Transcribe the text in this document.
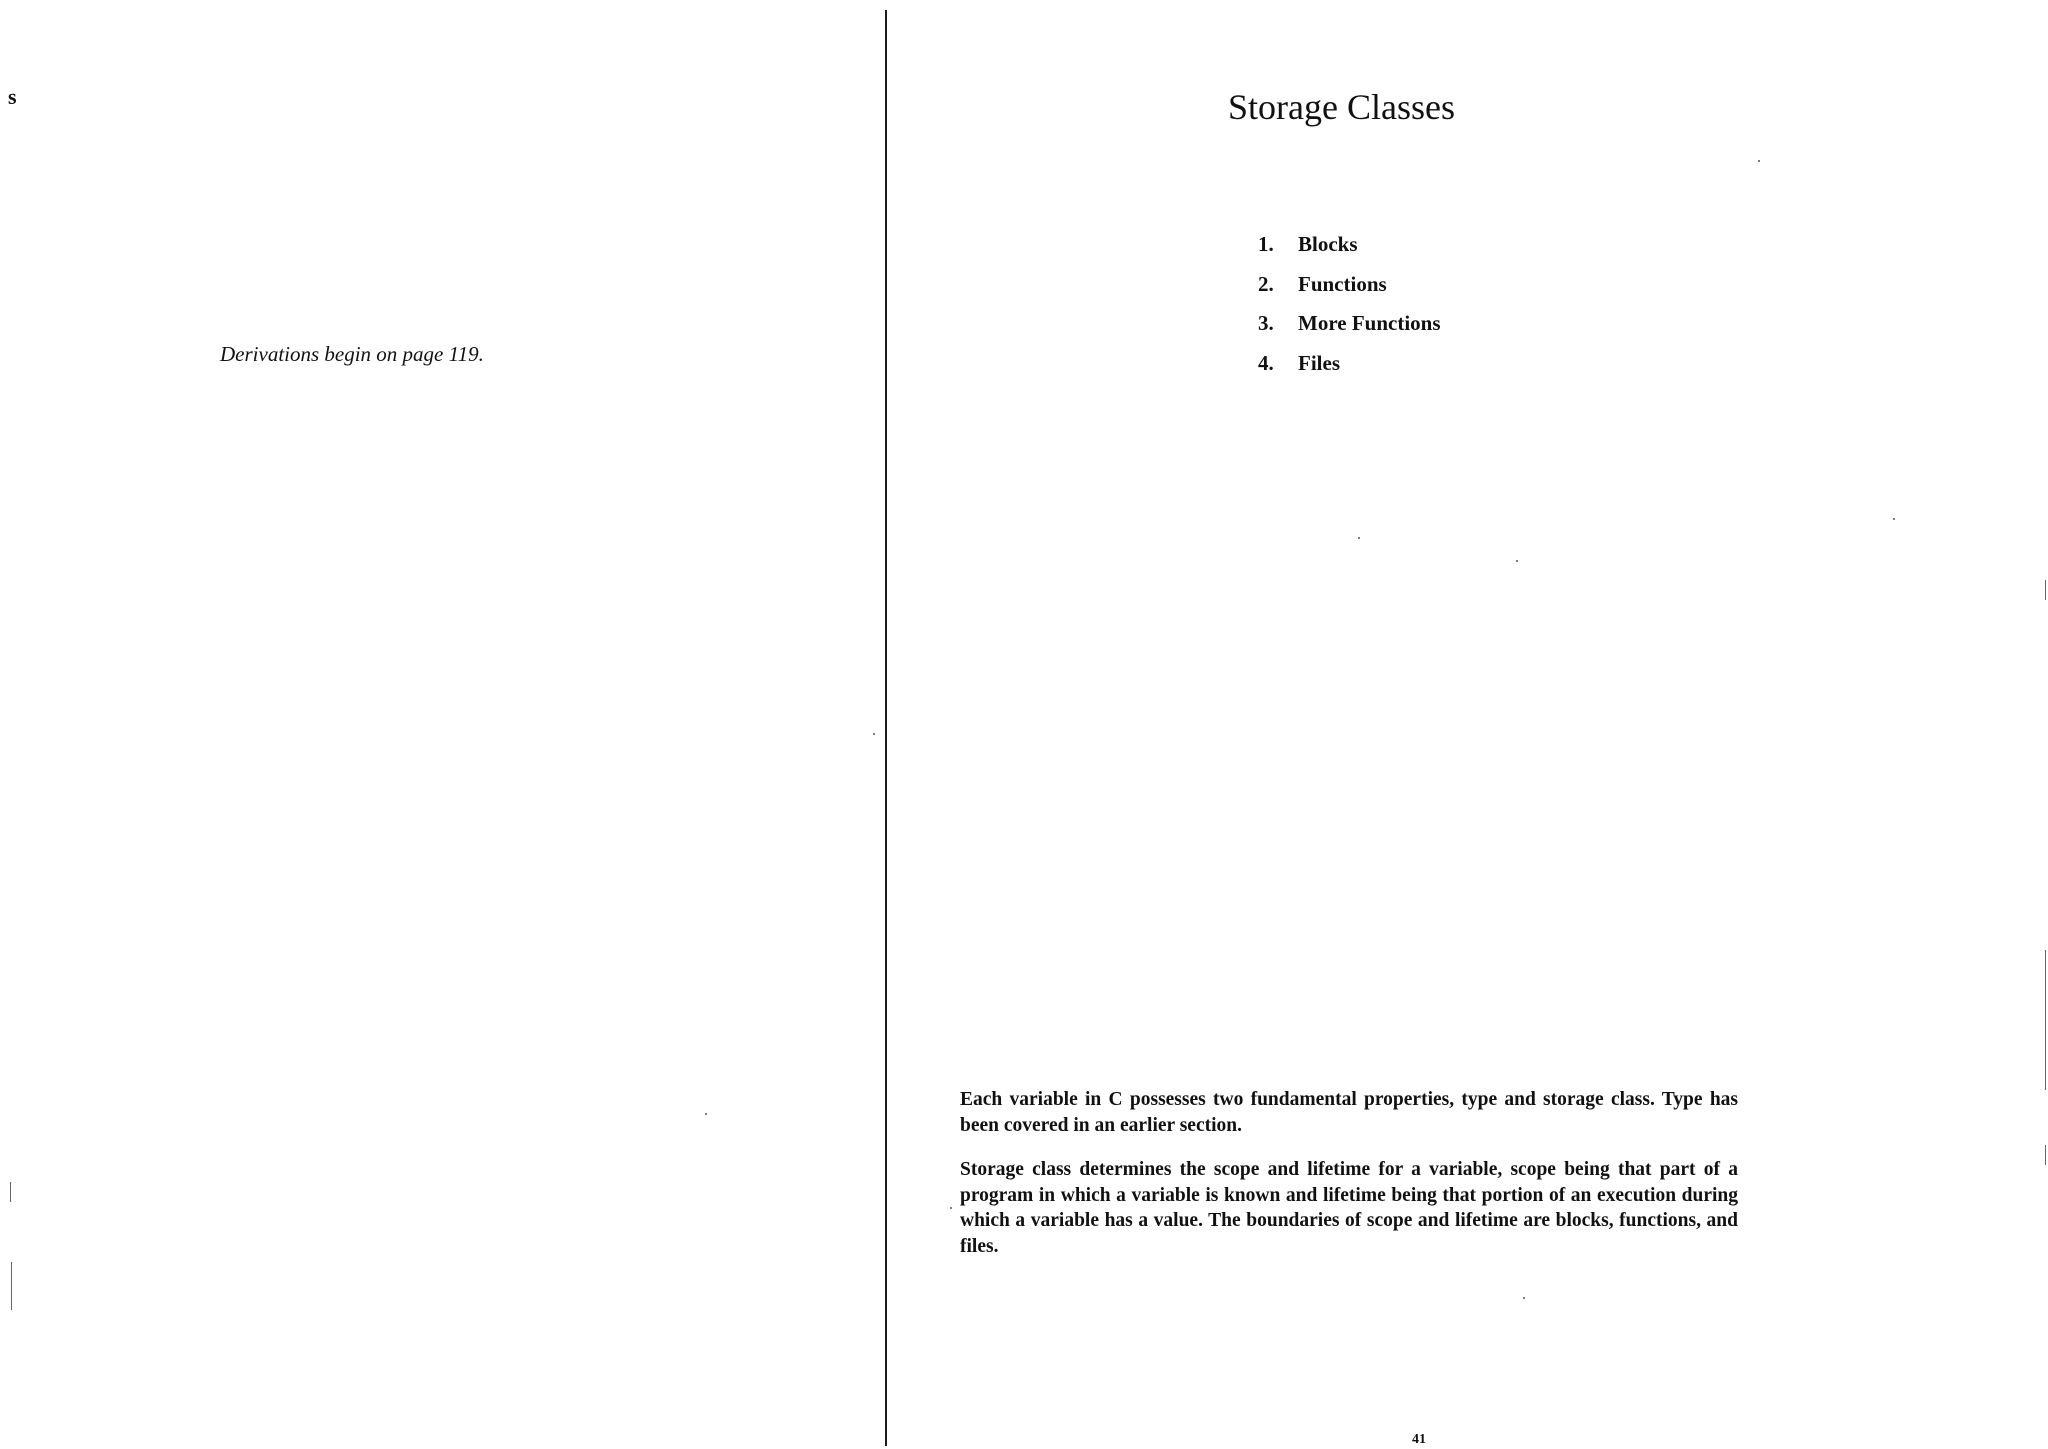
s
Derivations begin on page 119.
Storage Classes
1.	Blocks
2.	Functions
3.	More Functions
4.	Files

Each variable in C possesses two fundamental properties, type and storage class. Type has been covered in an earlier section.

Storage class determines the scope and lifetime for a variable, scope being that part of a program in which a variable is known and lifetime being that portion of an execution during which a variable has a value. The boundaries of scope and lifetime are blocks, functions, and files.

41
